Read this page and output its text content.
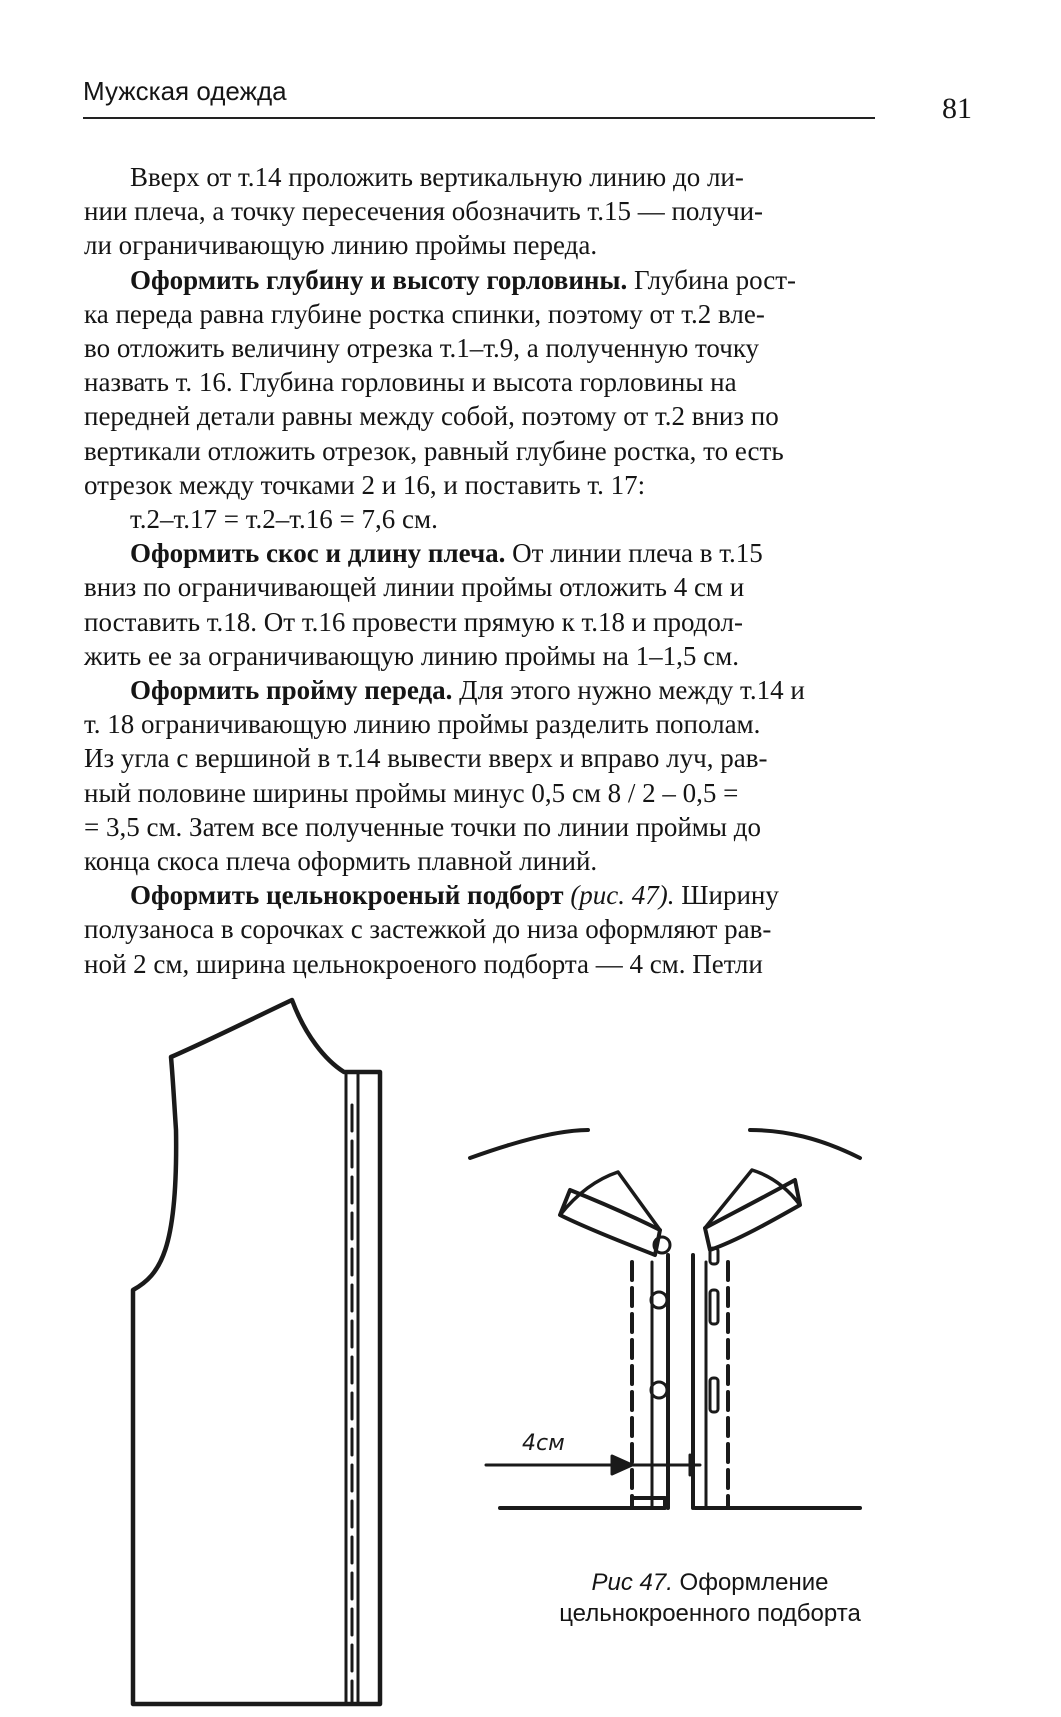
Мужская одежда
81

Вверх от т.14 проложить вертикальную линию до ли-

нии плеча, а точку пересечения обозначить т.15 — получи-

ли ограничивающую линию проймы переда.

Оформить глубину и высоту горловины. Глубина рост-

ка переда равна глубине ростка спинки, поэтому от т.2 вле-

во отложить величину отрезка т.1–т.9, а полученную точку

назвать т. 16. Глубина горловины и высота горловины на

передней детали равны между собой, поэтому от т.2 вниз по

вертикали отложить отрезок, равный глубине ростка, то есть

отрезок между точками 2 и 16, и поставить т. 17:

т.2–т.17 = т.2–т.16 = 7,6 см.

Оформить скос и длину плеча. От линии плеча в т.15

вниз по ограничивающей линии проймы отложить 4 см и

поставить т.18. От т.16 провести прямую к т.18 и продол-

жить ее за ограничивающую линию проймы на 1–1,5 см.

Оформить пройму переда. Для этого нужно между т.14 и

т. 18 ограничивающую линию проймы разделить пополам.

Из угла с вершиной в т.14 вывести вверх и вправо луч, рав-

ный половине ширины проймы минус 0,5 см 8 / 2 – 0,5 =

= 3,5 см. Затем все полученные точки по линии проймы до

конца скоса плеча оформить плавной линий.

Оформить цельнокроеный подборт (рис. 47). Ширину

полузаноса в сорочках с застежкой до низа оформляют рав-

ной 2 см, ширина цельнокроеного подборта — 4 см. Петли

4см

Рис 47. Оформление

цельнокроенного подборта
